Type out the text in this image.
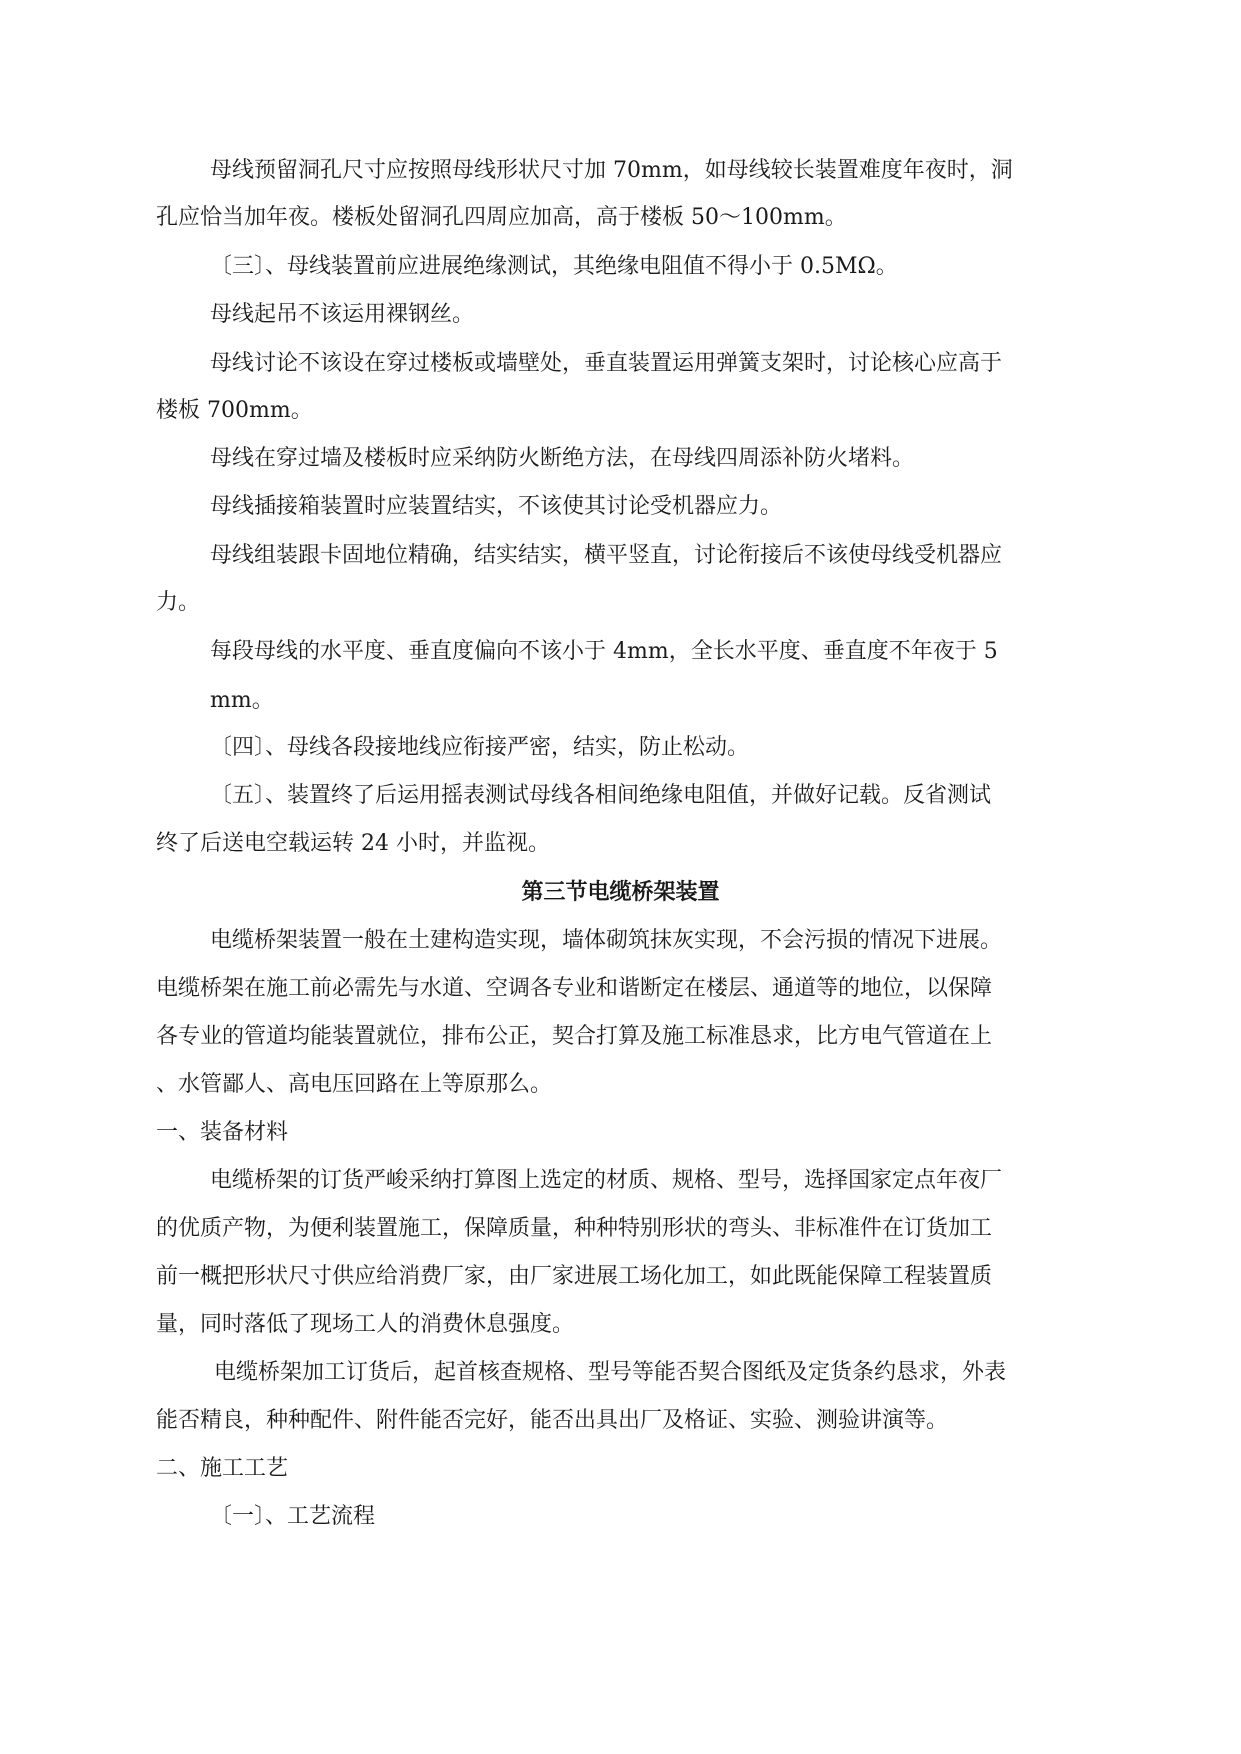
母线预留洞孔尺寸应按照母线形状尺寸加 70mm，如母线较长装置难度年夜时，洞
孔应恰当加年夜。楼板处留洞孔四周应加高，高于楼板 50～100mm。
〔三〕、母线装置前应进展绝缘测试，其绝缘电阻值不得小于 0.5MΩ。
母线起吊不该运用裸钢丝。
母线讨论不该设在穿过楼板或墙壁处，垂直装置运用弹簧支架时，讨论核心应高于
楼板 700mm。
母线在穿过墙及楼板时应采纳防火断绝方法，在母线四周添补防火堵料。
母线插接箱装置时应装置结实，不该使其讨论受机器应力。
母线组装跟卡固地位精确，结实结实，横平竖直，讨论衔接后不该使母线受机器应
力。
每段母线的水平度、垂直度偏向不该小于 4mm，全长水平度、垂直度不年夜于 5
mm。
〔四〕、母线各段接地线应衔接严密，结实，防止松动。
〔五〕、装置终了后运用摇表测试母线各相间绝缘电阻值，并做好记载。反省测试
终了后送电空载运转 24 小时，并监视。
第三节电缆桥架装置
电缆桥架装置一般在土建构造实现，墙体砌筑抹灰实现，不会污损的情况下进展。
电缆桥架在施工前必需先与水道、空调各专业和谐断定在楼层、通道等的地位，以保障
各专业的管道均能装置就位，排布公正，契合打算及施工标准恳求，比方电气管道在上
、水管鄙人、高电压回路在上等原那么。
一、装备材料
电缆桥架的订货严峻采纳打算图上选定的材质、规格、型号，选择国家定点年夜厂
的优质产物，为便利装置施工，保障质量，种种特别形状的弯头、非标准件在订货加工
前一概把形状尺寸供应给消费厂家，由厂家进展工场化加工，如此既能保障工程装置质
量，同时落低了现场工人的消费休息强度。
电缆桥架加工订货后，起首核查规格、型号等能否契合图纸及定货条约恳求，外表
能否精良，种种配件、附件能否完好，能否出具出厂及格证、实验、测验讲演等。
二、施工工艺
〔一〕、工艺流程
